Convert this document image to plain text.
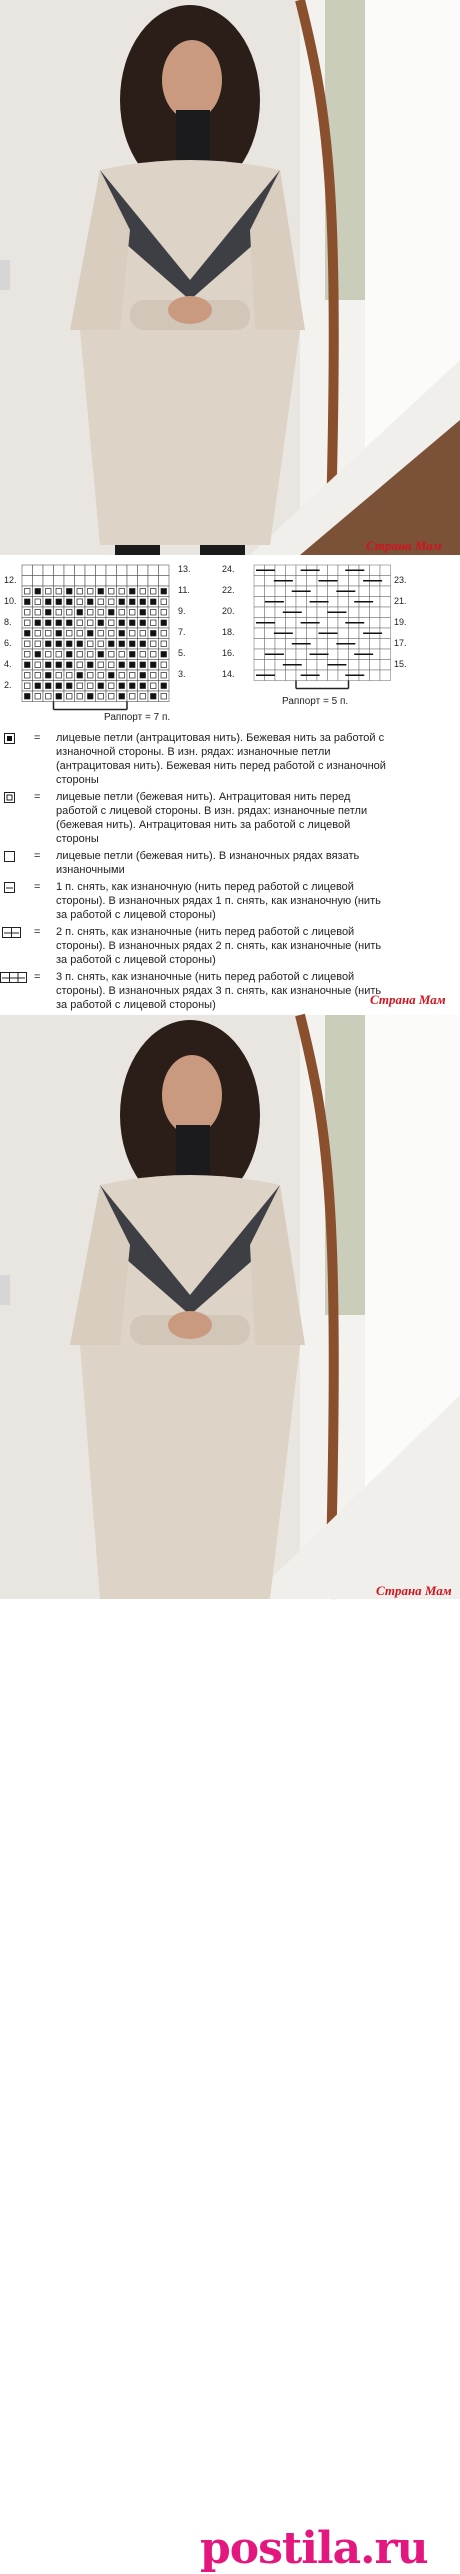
Страна Мам
Раппорт = 7 п.
Раппорт = 5 п.
12.
10.
8.
6.
4.
2.
13.
11.
9.
7.
5.
3.
24.
22.
20.
18.
16.
14.
23.
21.
19.
17.
15.
= лицевые петли (антрацитовая нить). Бежевая нить за работой с изнаночной стороны. В изн. рядах: изнаночные петли (антрацитовая нить). Бежевая нить перед работой с изнаночной стороны
= лицевые петли (бежевая нить). Антрацитовая нить перед работой с лицевой стороны. В изн. рядах: изнаночные петли (бежевая нить). Антрацитовая нить за работой с лицевой стороны
= лицевые петли (бежевая нить). В изнаночных рядах вязать изнаночными
= 1 п. снять, как изнаночную (нить перед работой с лицевой стороны). В изнаночных рядах 1 п. снять, как изнаночную (нить за работой с лицевой стороны)
= 2 п. снять, как изнаночные (нить перед работой с лицевой стороны). В изнаночных рядах 2 п. снять, как изнаночные (нить за работой с лицевой стороны)
= 3 п. снять, как изнаночные (нить перед работой с лицевой стороны). В изнаночных рядах 3 п. снять, как изнаночные (нить за работой с лицевой стороны)	Страна Мам
postila.ru
Страна Мам
